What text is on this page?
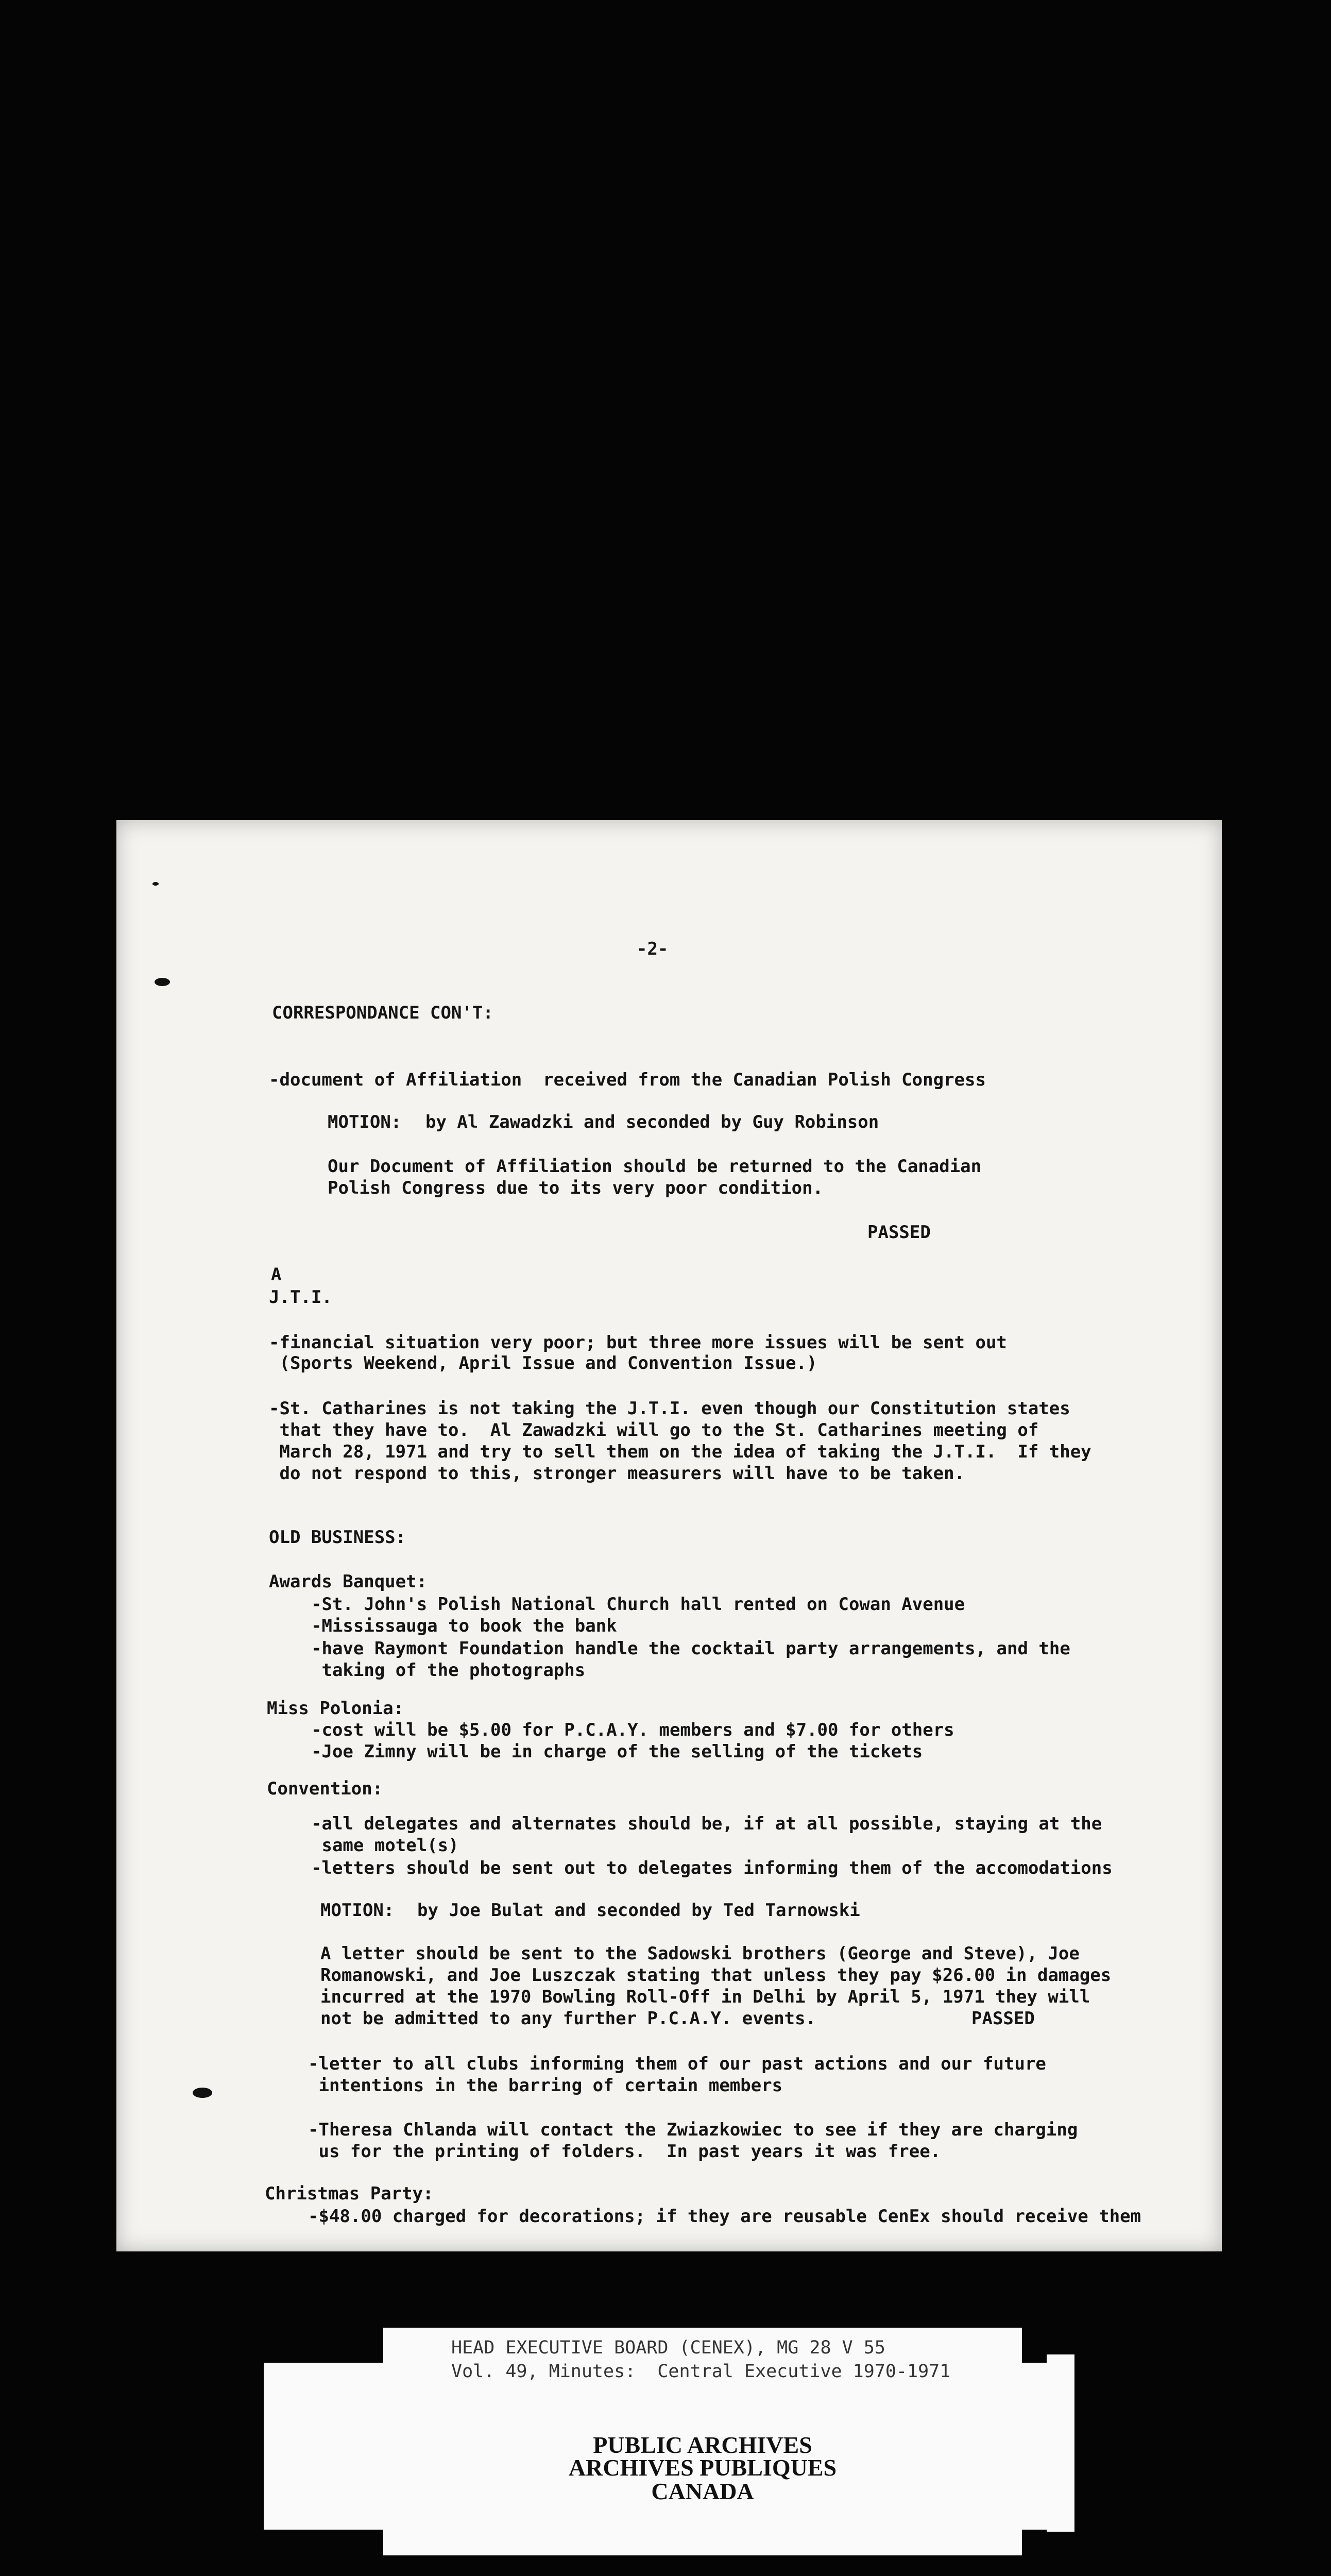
-2-
CORRESPONDANCE CON'T:
-document of Affiliation  received from the Canadian Polish Congress
MOTION: by Al Zawadzki and seconded by Guy Robinson
Our Document of Affiliation should be returned to the Canadian
Polish Congress due to its very poor condition.
PASSED
A
J.T.I.
-financial situation very poor; but three more issues will be sent out
(Sports Weekend, April Issue and Convention Issue.)
-St. Catharines is not taking the J.T.I. even though our Constitution states
that they have to.  Al Zawadzki will go to the St. Catharines meeting of
March 28, 1971 and try to sell them on the idea of taking the J.T.I.  If they
do not respond to this, stronger measurers will have to be taken.
OLD BUSINESS:
Awards Banquet:
-St. John's Polish National Church hall rented on Cowan Avenue
-Mississauga to book the bank
-have Raymont Foundation handle the cocktail party arrangements, and the
taking of the photographs
Miss Polonia:
-cost will be $5.00 for P.C.A.Y. members and $7.00 for others
-Joe Zimny will be in charge of the selling of the tickets
Convention:
-all delegates and alternates should be, if at all possible, staying at the
same motel(s)
-letters should be sent out to delegates informing them of the accomodations
MOTION: by Joe Bulat and seconded by Ted Tarnowski
A letter should be sent to the Sadowski brothers (George and Steve), Joe
Romanowski, and Joe Luszczak stating that unless they pay $26.00 in damages
incurred at the 1970 Bowling Roll-Off in Delhi by April 5, 1971 they will
not be admitted to any further P.C.A.Y. events.	PASSED
-letter to all clubs informing them of our past actions and our future
intentions in the barring of certain members
-Theresa Chlanda will contact the Zwiazkowiec to see if they are charging
us for the printing of folders.  In past years it was free.
Christmas Party:
-$48.00 charged for decorations; if they are reusable CenEx should receive them
HEAD EXECUTIVE BOARD (CENEX), MG 28 V 55
Vol. 49, Minutes:  Central Executive 1970-1971
PUBLIC ARCHIVES
ARCHIVES PUBLIQUES
CANADA
